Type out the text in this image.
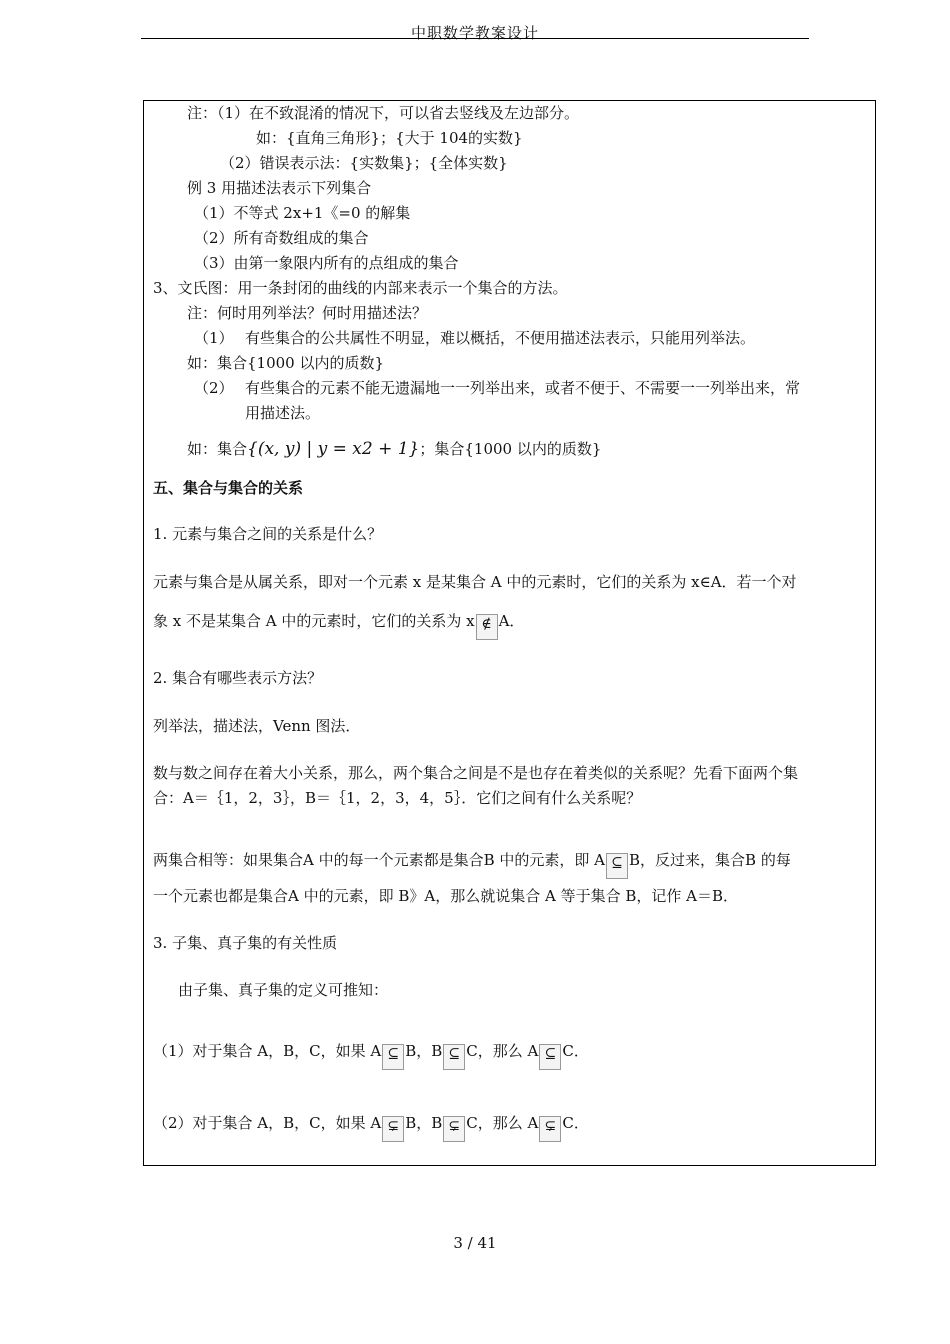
中职数学教案设计
注：（1）在不致混淆的情况下，可以省去竖线及左边部分。
如：{直角三角形}；{大于 104的实数}
（2）错误表示法：{实数集}；{全体实数}
例 3 用描述法表示下列集合
（1）不等式 2x+1《=0 的解集
（2）所有奇数组成的集合
（3）由第一象限内所有的点组成的集合
3、文氏图：用一条封闭的曲线的内部来表示一个集合的方法。
注：何时用列举法？何时用描述法？
（1） 有些集合的公共属性不明显，难以概括，不便用描述法表示，只能用列举法。
如：集合{1000 以内的质数}
（2） 有些集合的元素不能无遗漏地一一列举出来，或者不便于、不需要一一列举出来，常
用描述法。
如：集合{(x, y) | y = x2 + 1}；集合{1000 以内的质数}
五、集合与集合的关系
1. 元素与集合之间的关系是什么？
元素与集合是从属关系，即对一个元素 x 是某集合 A 中的元素时，它们的关系为 x∈A．若一个对
象 x 不是某集合 A 中的元素时，它们的关系为 x ∉ A．
2. 集合有哪些表示方法？
列举法，描述法，Venn 图法．
数与数之间存在着大小关系，那么，两个集合之间是不是也存在着类似的关系呢？先看下面两个集
合：A＝｛1，2，3｝，B＝｛1，2，3，4，5｝．它们之间有什么关系呢？
两集合相等：如果集合A 中的每一个元素都是集合B 中的元素，即 A ⊆ B，反过来，集合B 的每
一个元素也都是集合A 中的元素，即 B》A，那么就说集合 A 等于集合 B，记作 A＝B．
3. 子集、真子集的有关性质
由子集、真子集的定义可推知：
（1）对于集合 A，B，C，如果 A ⊆ B，B ⊆ C，那么 A ⊆ C．
（2）对于集合 A，B，C，如果 A ⊊ B，B ⊊ C，那么 A ⊊ C．
3 / 41
